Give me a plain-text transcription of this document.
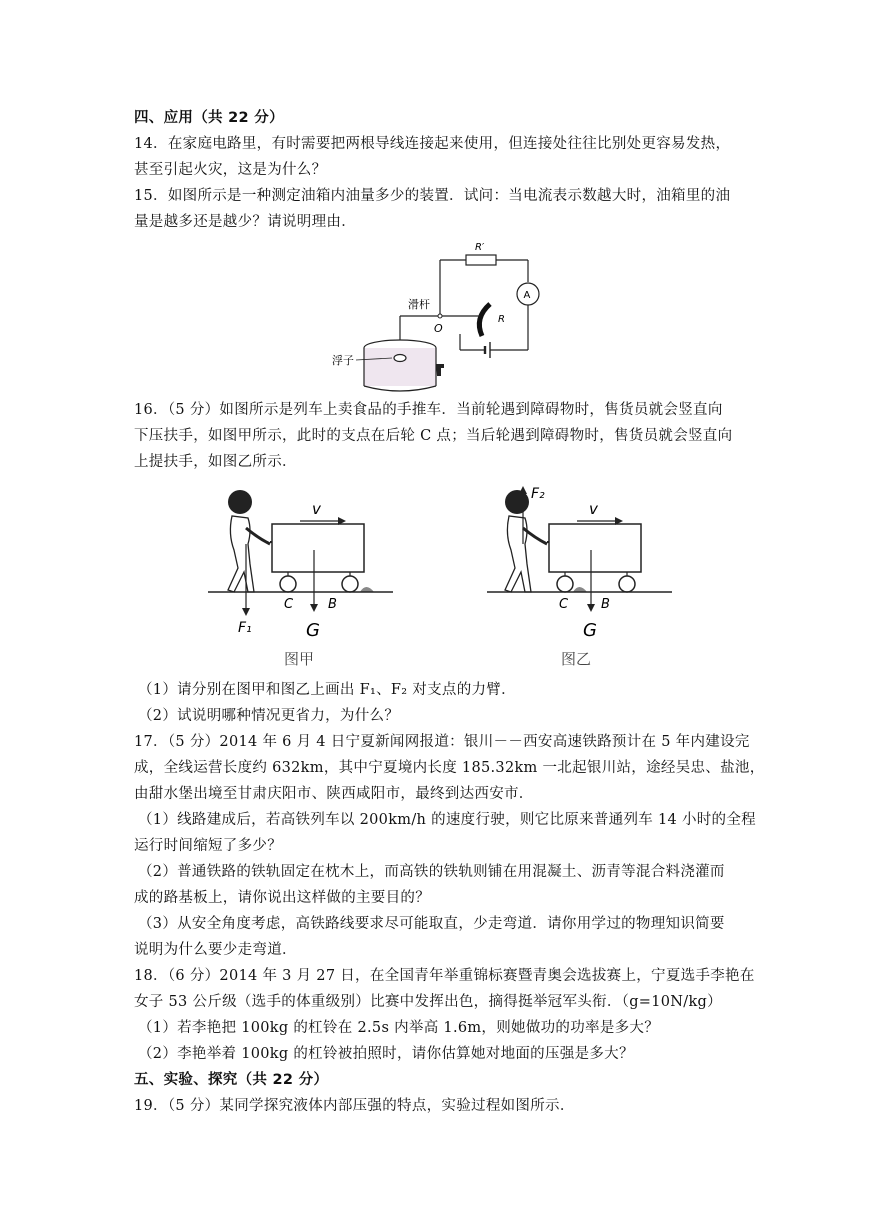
四、应用（共 22 分）
14．在家庭电路里，有时需要把两根导线连接起来使用，但连接处往往比别处更容易发热，
甚至引起火灾，这是为什么？
15．如图所示是一种测定油箱内油量多少的装置．试问：当电流表示数越大时，油箱里的油
量是越多还是越少？请说明理由．
R′
A
R
滑杆
O
浮子
16．（5 分）如图所示是列车上卖食品的手推车．当前轮遇到障碍物时，售货员就会竖直向
下压扶手，如图甲所示，此时的支点在后轮 C 点；当后轮遇到障碍物时，售货员就会竖直向
上提扶手，如图乙所示．
v
G
F₁
C	B
图甲
F₂
v
G
C	B
图乙
（1）请分别在图甲和图乙上画出 F₁、F₂ 对支点的力臂．
（2）试说明哪种情况更省力，为什么？
17．（5 分）2014 年 6 月 4 日宁夏新闻网报道：银川－－西安高速铁路预计在 5 年内建设完
成，全线运营长度约 632km，其中宁夏境内长度 185.32km 一北起银川站，途经吴忠、盐池，
由甜水堡出境至甘肃庆阳市、陕西咸阳市，最终到达西安市．
（1）线路建成后，若高铁列车以 200km/h 的速度行驶，则它比原来普通列车 14 小时的全程
运行时间缩短了多少？
（2）普通铁路的铁轨固定在枕木上，而高铁的铁轨则铺在用混凝土、沥青等混合料浇灌而
成的路基板上，请你说出这样做的主要目的？
（3）从安全角度考虑，高铁路线要求尽可能取直，少走弯道．请你用学过的物理知识简要
说明为什么要少走弯道．
18．（6 分）2014 年 3 月 27 日，在全国青年举重锦标赛暨青奥会选拔赛上，宁夏选手李艳在
女子 53 公斤级（选手的体重级别）比赛中发挥出色，摘得挺举冠军头衔．（g=10N/kg）
（1）若李艳把 100kg 的杠铃在 2.5s 内举高 1.6m，则她做功的功率是多大？
（2）李艳举着 100kg 的杠铃被拍照时，请你估算她对地面的压强是多大？
五、实验、探究（共 22 分）
19．（5 分）某同学探究液体内部压强的特点，实验过程如图所示．
